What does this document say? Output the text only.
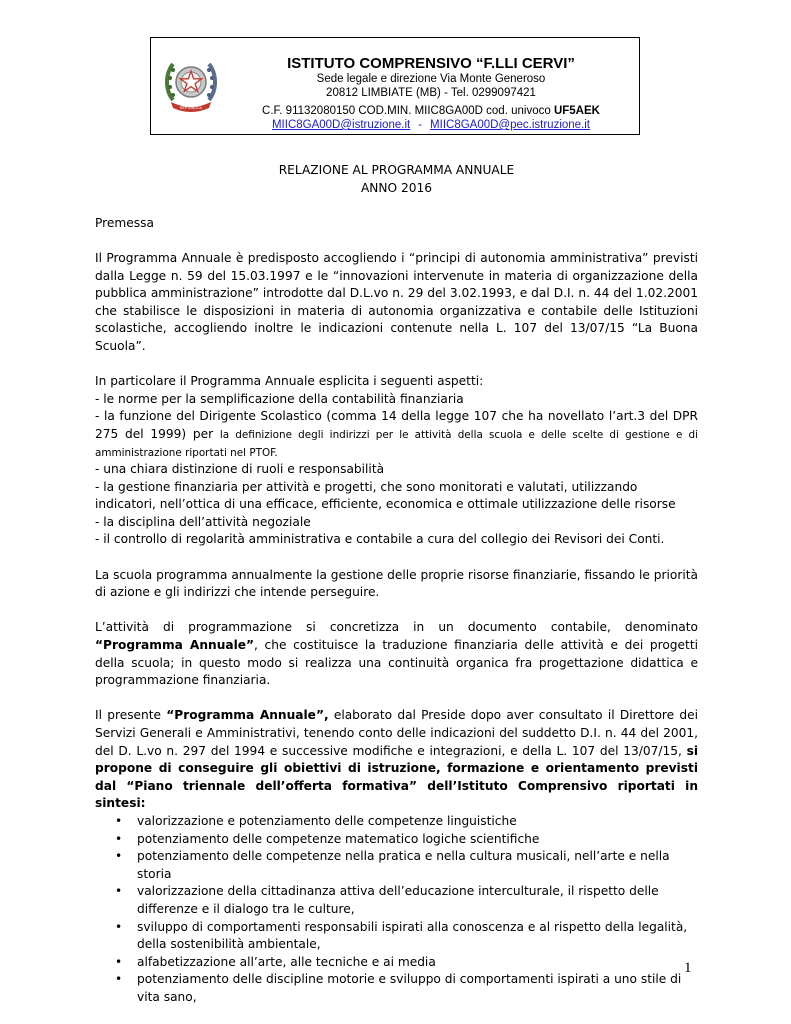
REPVBBLICA
ISTITUTO COMPRENSIVO “F.LLI CERVI”
Sede legale e direzione Via Monte Generoso
20812 LIMBIATE (MB) - Tel. 0299097421
C.F. 91132080150 COD.MIN. MIIC8GA00D cod. univoco UF5AEK
MIIC8GA00D@istruzione.it - MIIC8GA00D@pec.istruzione.it

RELAZIONE AL PROGRAMMA ANNUALE

ANNO 2016

Premessa

Il Programma Annuale è predisposto accogliendo i “principi di autonomia amministrativa” previsti dalla Legge n. 59 del 15.03.1997 e le “innovazioni intervenute in materia di organizzazione della pubblica amministrazione” introdotte dal D.L.vo n. 29 del 3.02.1993, e dal D.I. n. 44 del 1.02.2001 che stabilisce le disposizioni in materia di autonomia organizzativa e contabile delle Istituzioni scolastiche, accogliendo inoltre le indicazioni contenute nella L. 107 del 13/07/15 “La Buona Scuola”.

In particolare il Programma Annuale esplicita i seguenti aspetti:

- le norme per la semplificazione della contabilità finanziaria

- la funzione del Dirigente Scolastico (comma 14 della legge 107 che ha novellato l’art.3 del DPR 275 del 1999) per la definizione degli indirizzi per le attività della scuola e delle scelte di gestione e di amministrazione riportati nel PTOF.

- una chiara distinzione di ruoli e responsabilità

- la gestione finanziaria per attività e progetti, che sono monitorati e valutati, utilizzando indicatori, nell’ottica di una efficace, efficiente, economica e ottimale utilizzazione delle risorse

- la disciplina dell’attività negoziale

- il controllo di regolarità amministrativa e contabile a cura del collegio dei Revisori dei Conti.

La scuola programma annualmente la gestione delle proprie risorse finanziarie, fissando le priorità di azione e gli indirizzi che intende perseguire.

L’attività di programmazione si concretizza in un documento contabile, denominato “Programma Annuale”, che costituisce la traduzione finanziaria delle attività e dei progetti della scuola; in questo modo si realizza una continuità organica fra progettazione didattica e programmazione finanziaria.

Il presente “Programma Annuale”, elaborato dal Preside dopo aver consultato il Direttore dei Servizi Generali e Amministrativi, tenendo conto delle indicazioni del suddetto D.I. n. 44 del 2001, del D. L.vo n. 297 del 1994 e successive modifiche e integrazioni, e della L. 107 del 13/07/15, si propone di conseguire gli obiettivi di istruzione, formazione e orientamento previsti dal “Piano triennale dell’offerta formativa” dell’Istituto Comprensivo riportati in sintesi:

• valorizzazione e potenziamento delle competenze linguistiche
• potenziamento delle competenze matematico logiche scientifiche
• potenziamento delle competenze nella pratica e nella cultura musicali, nell’arte e nella storia
• valorizzazione della cittadinanza attiva dell’educazione interculturale, il rispetto delle differenze e il dialogo tra le culture,
• sviluppo di comportamenti responsabili ispirati alla conoscenza e al rispetto della legalità, della sostenibilità ambientale,
• alfabetizzazione all’arte, alle tecniche e ai media
• potenziamento delle discipline motorie e sviluppo di comportamenti ispirati a uno stile di vita sano,
1
